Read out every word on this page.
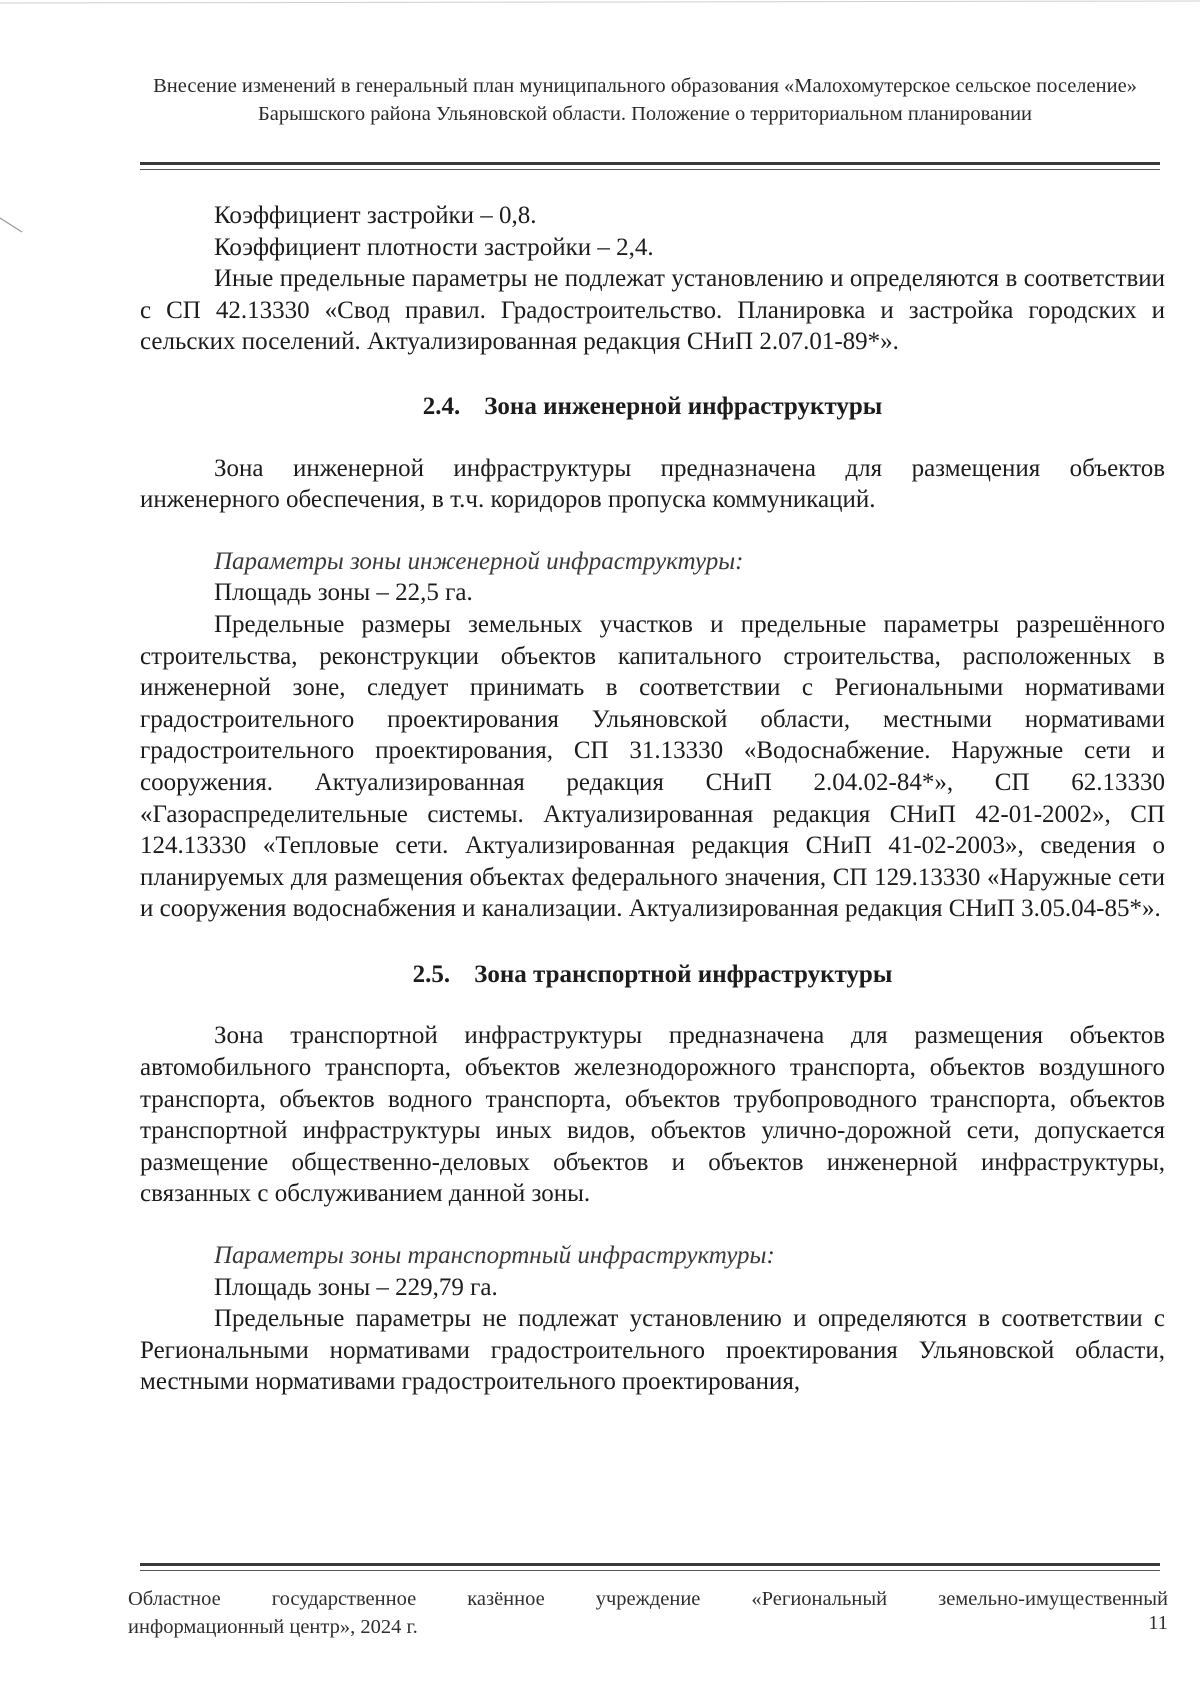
Внесение изменений в генеральный план муниципального образования «Малохомутерское сельское поселение» Барышского района Ульяновской области. Положение о территориальном планировании

Коэффициент застройки – 0,8.

Коэффициент плотности застройки – 2,4.

Иные предельные параметры не подлежат установлению и определяются в соответствии с СП 42.13330 «Свод правил. Градостроительство. Планировка и застройка городских и сельских поселений. Актуализированная редакция СНиП 2.07.01-89*».

2.4. Зона инженерной инфраструктуры

Зона инженерной инфраструктуры предназначена для размещения объектов инженерного обеспечения, в т.ч. коридоров пропуска коммуникаций.

Параметры зоны инженерной инфраструктуры:

Площадь зоны – 22,5 га.

Предельные размеры земельных участков и предельные параметры разрешённого строительства, реконструкции объектов капитального строительства, расположенных в инженерной зоне, следует принимать в соответствии с Региональными нормативами градостроительного проектирования Ульяновской области, местными нормативами градостроительного проектирования, СП 31.13330 «Водоснабжение. Наружные сети и сооружения. Актуализированная редакция СНиП 2.04.02-84*», СП 62.13330 «Газораспределительные системы. Актуализированная редакция СНиП 42-01-2002», СП 124.13330 «Тепловые сети. Актуализированная редакция СНиП 41-02-2003», сведения о планируемых для размещения объектах федерального значения, СП 129.13330 «Наружные сети и сооружения водоснабжения и канализации. Актуализированная редакция СНиП 3.05.04-85*».

2.5. Зона транспортной инфраструктуры

Зона транспортной инфраструктуры предназначена для размещения объектов автомобильного транспорта, объектов железнодорожного транспорта, объектов воздушного транспорта, объектов водного транспорта, объектов трубопроводного транспорта, объектов транспортной инфраструктуры иных видов, объектов улично-дорожной сети, допускается размещение общественно-деловых объектов и объектов инженерной инфраструктуры, связанных с обслуживанием данной зоны.

Параметры зоны транспортный инфраструктуры:

Площадь зоны – 229,79 га.

Предельные параметры не подлежат установлению и определяются в соответствии с Региональными нормативами градостроительного проектирования Ульяновской области, местными нормативами градостроительного проектирования,

Областное государственное казённое учреждение «Региональный земельно-имущественный
информационный центр», 2024 г.	11
